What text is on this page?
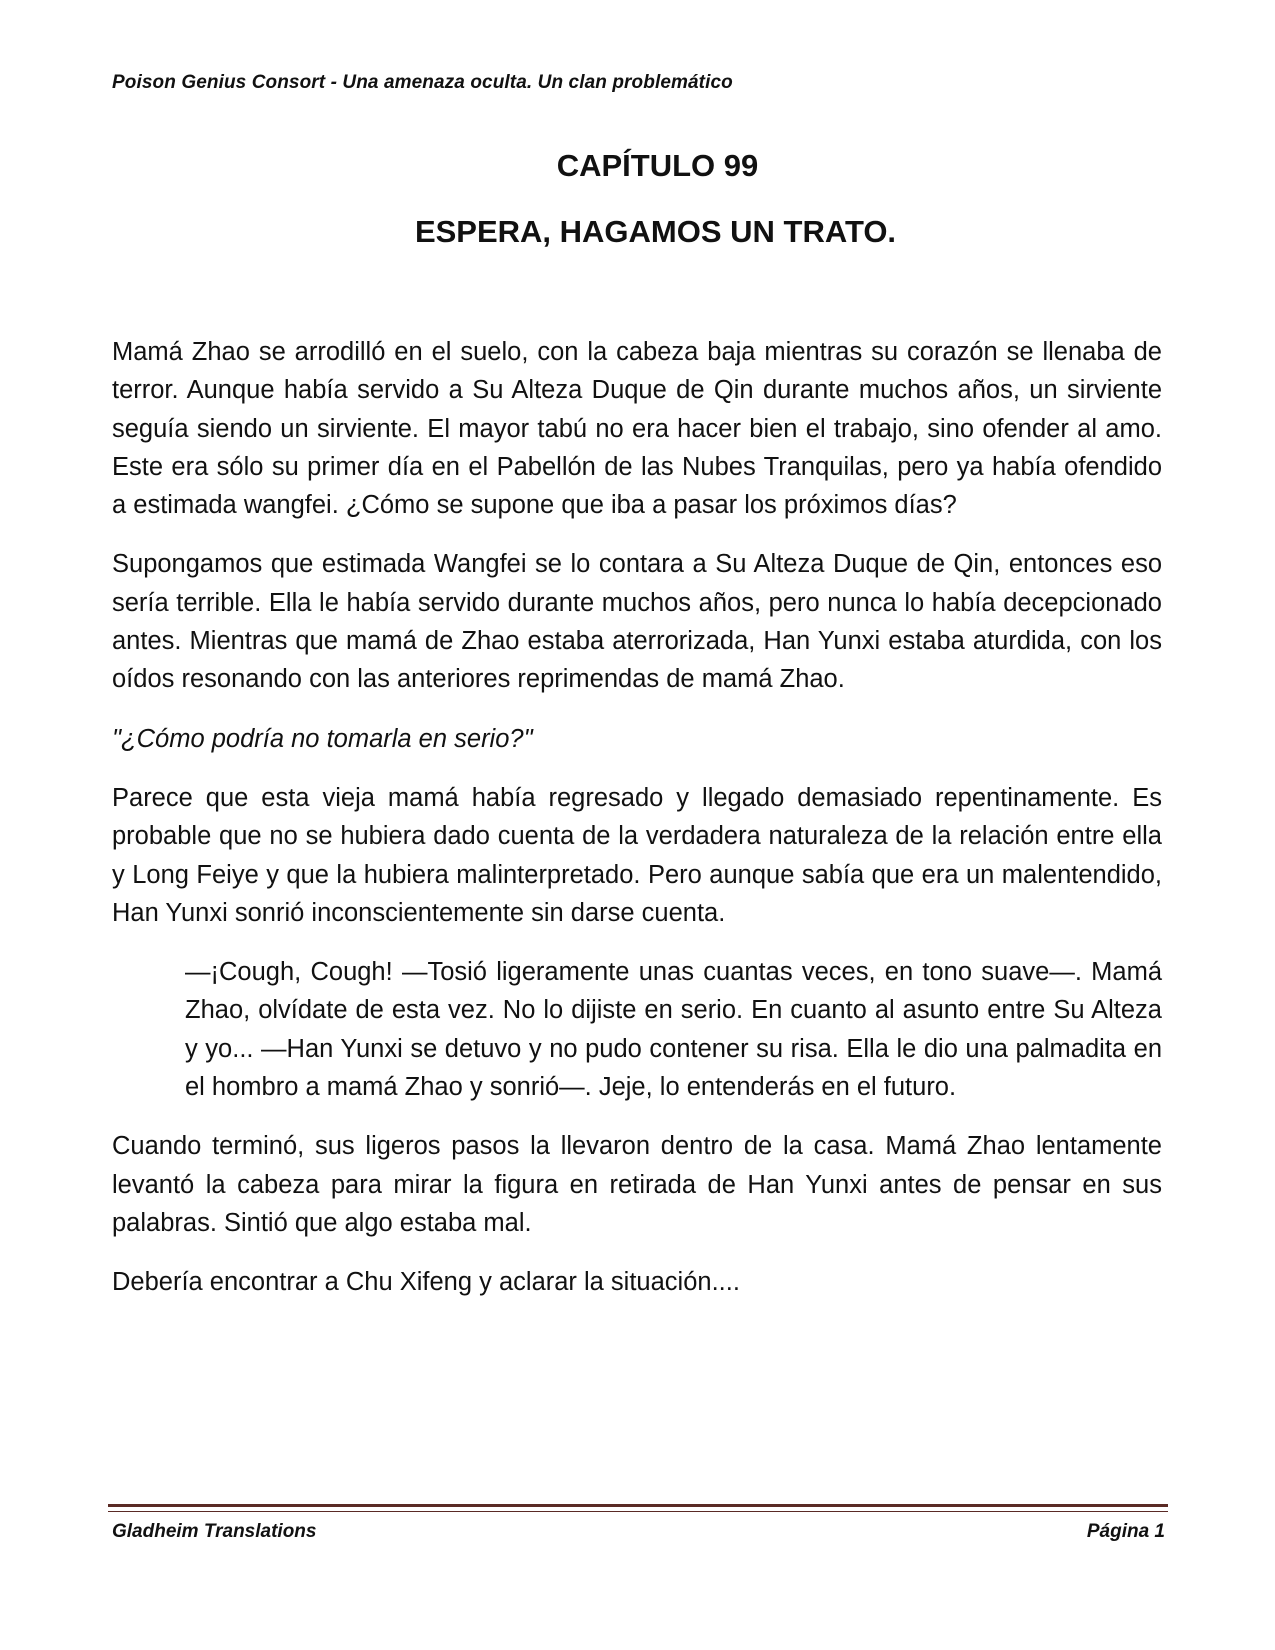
Poison Genius Consort - Una amenaza oculta. Un clan problemático
CAPÍTULO 99
ESPERA, HAGAMOS UN TRATO.

Mamá Zhao se arrodilló en el suelo, con la cabeza baja mientras su corazón se llenaba de terror. Aunque había servido a Su Alteza Duque de Qin durante muchos años, un sirviente seguía siendo un sirviente. El mayor tabú no era hacer bien el trabajo, sino ofender al amo. Este era sólo su primer día en el Pabellón de las Nubes Tranquilas, pero ya había ofendido a estimada wangfei. ¿Cómo se supone que iba a pasar los próximos días?

Supongamos que estimada Wangfei se lo contara a Su Alteza Duque de Qin, entonces eso sería terrible. Ella le había servido durante muchos años, pero nunca lo había decepcionado antes. Mientras que mamá de Zhao estaba aterrorizada, Han Yunxi estaba aturdida, con los oídos resonando con las anteriores reprimendas de mamá Zhao.

"¿Cómo podría no tomarla en serio?"

Parece que esta vieja mamá había regresado y llegado demasiado repentinamente. Es probable que no se hubiera dado cuenta de la verdadera naturaleza de la relación entre ella y Long Feiye y que la hubiera malinterpretado. Pero aunque sabía que era un malentendido, Han Yunxi sonrió inconscientemente sin darse cuenta.

—¡Cough, Cough! —Tosió ligeramente unas cuantas veces, en tono suave—. Mamá Zhao, olvídate de esta vez. No lo dijiste en serio. En cuanto al asunto entre Su Alteza y yo... —Han Yunxi se detuvo y no pudo contener su risa. Ella le dio una palmadita en el hombro a mamá Zhao y sonrió—. Jeje, lo entenderás en el futuro.

Cuando terminó, sus ligeros pasos la llevaron dentro de la casa. Mamá Zhao lentamente levantó la cabeza para mirar la figura en retirada de Han Yunxi antes de pensar en sus palabras. Sintió que algo estaba mal.

Debería encontrar a Chu Xifeng y aclarar la situación....

Gladheim Translations	Página 1
